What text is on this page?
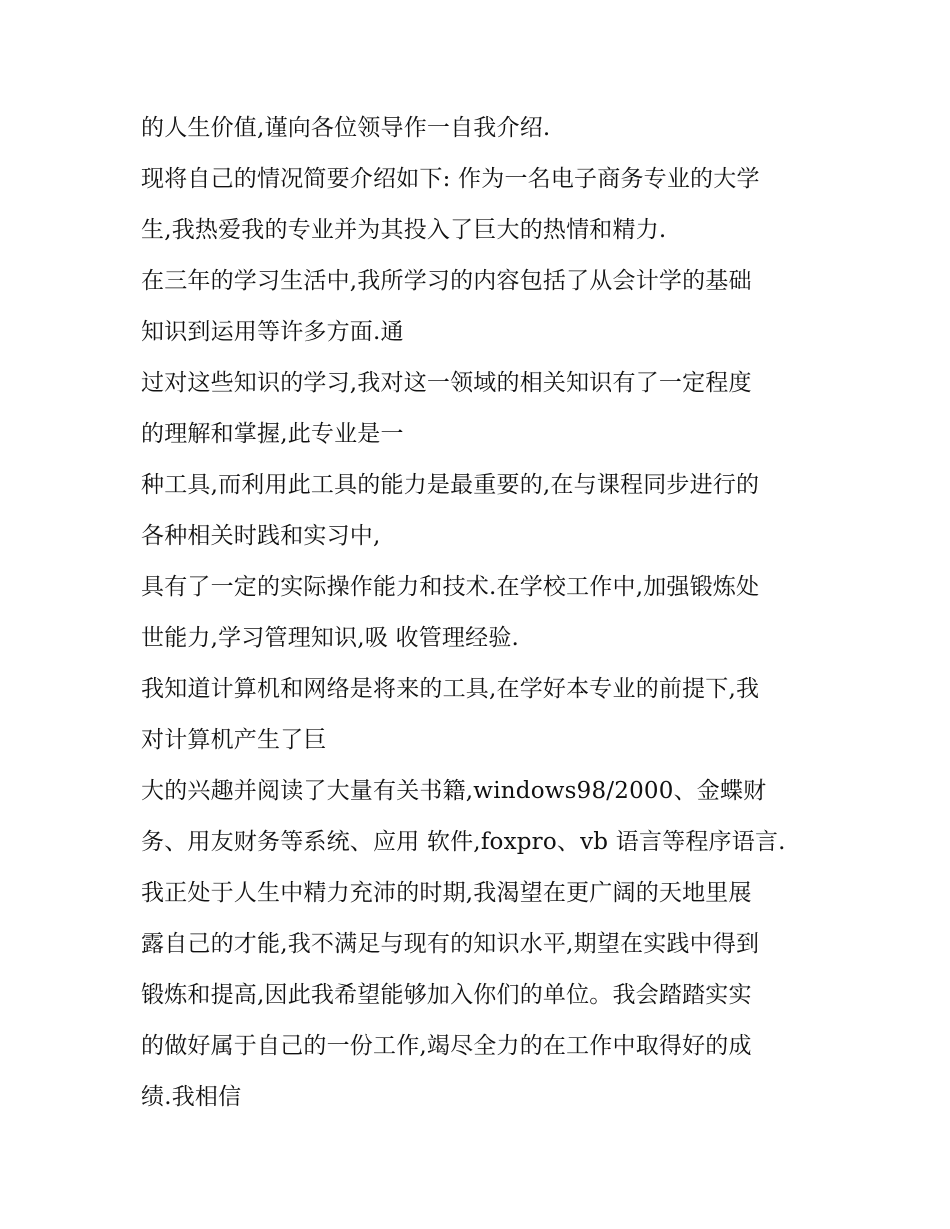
的人生价值,谨向各位领导作一自我介绍.
现将自己的情况简要介绍如下: 作为一名电子商务专业的大学
生,我热爱我的专业并为其投入了巨大的热情和精力.
在三年的学习生活中,我所学习的内容包括了从会计学的基础
知识到运用等许多方面.通
过对这些知识的学习,我对这一领域的相关知识有了一定程度
的理解和掌握,此专业是一
种工具,而利用此工具的能力是最重要的,在与课程同步进行的
各种相关时践和实习中,
具有了一定的实际操作能力和技术.在学校工作中,加强锻炼处
世能力,学习管理知识,吸 收管理经验.
我知道计算机和网络是将来的工具,在学好本专业的前提下,我
对计算机产生了巨
大的兴趣并阅读了大量有关书籍,windows98/2000、金蝶财
务、用友财务等系统、应用 软件,foxpro、vb 语言等程序语言.
我正处于人生中精力充沛的时期,我渴望在更广阔的天地里展
露自己的才能,我不满足与现有的知识水平,期望在实践中得到
锻炼和提高,因此我希望能够加入你们的单位。我会踏踏实实
的做好属于自己的一份工作,竭尽全力的在工作中取得好的成
绩.我相信
